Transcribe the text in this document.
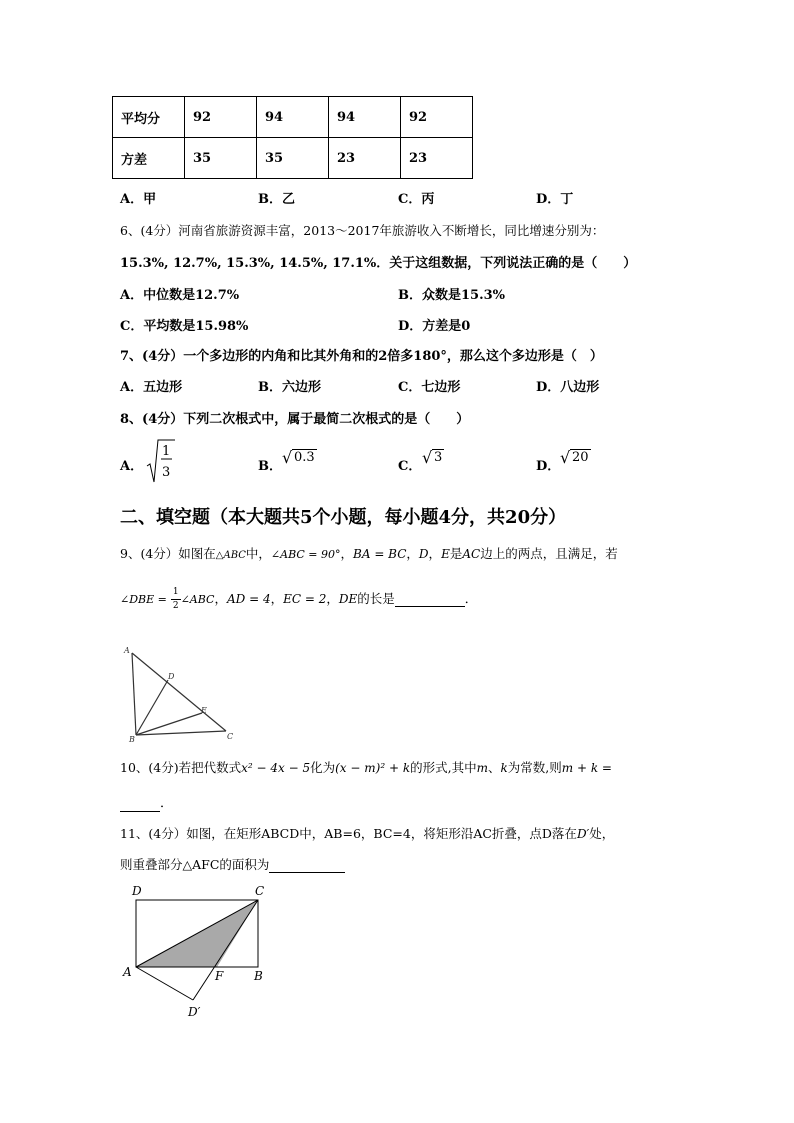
平均分	92	94	94	92
方差	35	35	23	23
A．甲	B．乙	C．丙	D．丁
6、(4分）河南省旅游资源丰富，2013～2017年旅游收入不断增长，同比增速分别为：
15.3%, 12.7%, 15.3%, 14.5%, 17.1%．关于这组数据，下列说法正确的是（　　）
A．中位数是12.7%	B．众数是15.3%
C．平均数是15.98%	D．方差是0
7、(4分）一个多边形的内角和比其外角和的2倍多180°，那么这个多边形是（　）
A．五边形	B．六边形	C．七边形	D．八边形
8、(4分）下列二次根式中，属于最简二次根式的是（　　）
A．
1
3	B． √ 0.3
C． √ 3
D． √ 20
二、填空题（本大题共5个小题，每小题4分，共20分）
9、(4分）如图在△ABC中，∠ABC = 90°，BA = BC，D，E是AC边上的两点，且满足，若
∠DBE = $\frac{1}{2}$ ∠ABC，AD = 4，EC = 2，DE的长是	．
A
D
E
B	C
10、(4分)若把代数式x² − 4x − 5化为(x − m)² + k的形式,其中m、k为常数,则m + k =
．
11、(4分）如图，在矩形ABCD中，AB=6，BC=4，将矩形沿AC折叠，点D落在D′处，
则重叠部分△AFC的面积为
D	C
A	F	B
D′
